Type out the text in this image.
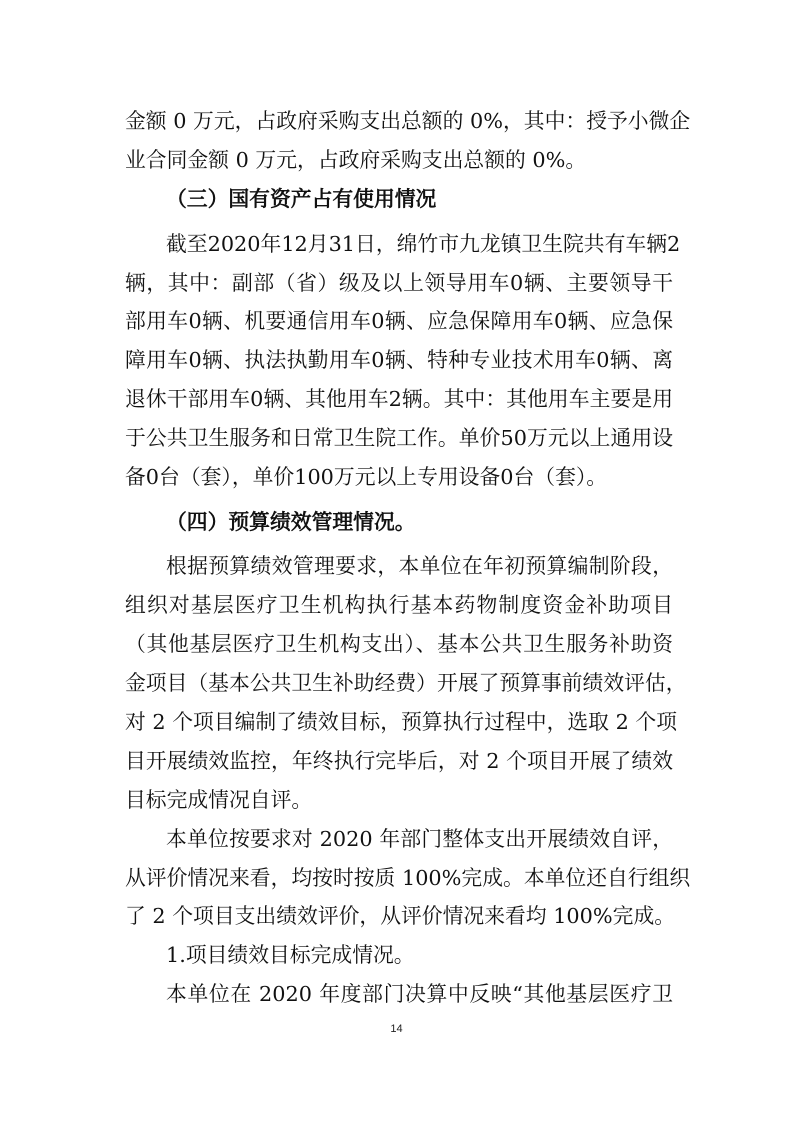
金额 0 万元，占政府采购支出总额的 0%，其中：授予小微企
业合同金额 0 万元，占政府采购支出总额的 0%。
（三）国有资产占有使用情况
截至2020年12月31日，绵竹市九龙镇卫生院共有车辆2
辆，其中：副部（省）级及以上领导用车0辆、主要领导干
部用车0辆、机要通信用车0辆、应急保障用车0辆、应急保
障用车0辆、执法执勤用车0辆、特种专业技术用车0辆、离
退休干部用车0辆、其他用车2辆。其中：其他用车主要是用
于公共卫生服务和日常卫生院工作。单价50万元以上通用设
备0台（套），单价100万元以上专用设备0台（套）。
（四）预算绩效管理情况。
根据预算绩效管理要求，本单位在年初预算编制阶段，
组织对基层医疗卫生机构执行基本药物制度资金补助项目
（其他基层医疗卫生机构支出）、基本公共卫生服务补助资
金项目（基本公共卫生补助经费）开展了预算事前绩效评估，
对 2 个项目编制了绩效目标，预算执行过程中，选取 2 个项
目开展绩效监控，年终执行完毕后，对 2 个项目开展了绩效
目标完成情况自评。
本单位按要求对 2020 年部门整体支出开展绩效自评，
从评价情况来看，均按时按质 100%完成。本单位还自行组织
了 2 个项目支出绩效评价，从评价情况来看均 100%完成。
1.项目绩效目标完成情况。
本单位在 2020 年度部门决算中反映“其他基层医疗卫
14
